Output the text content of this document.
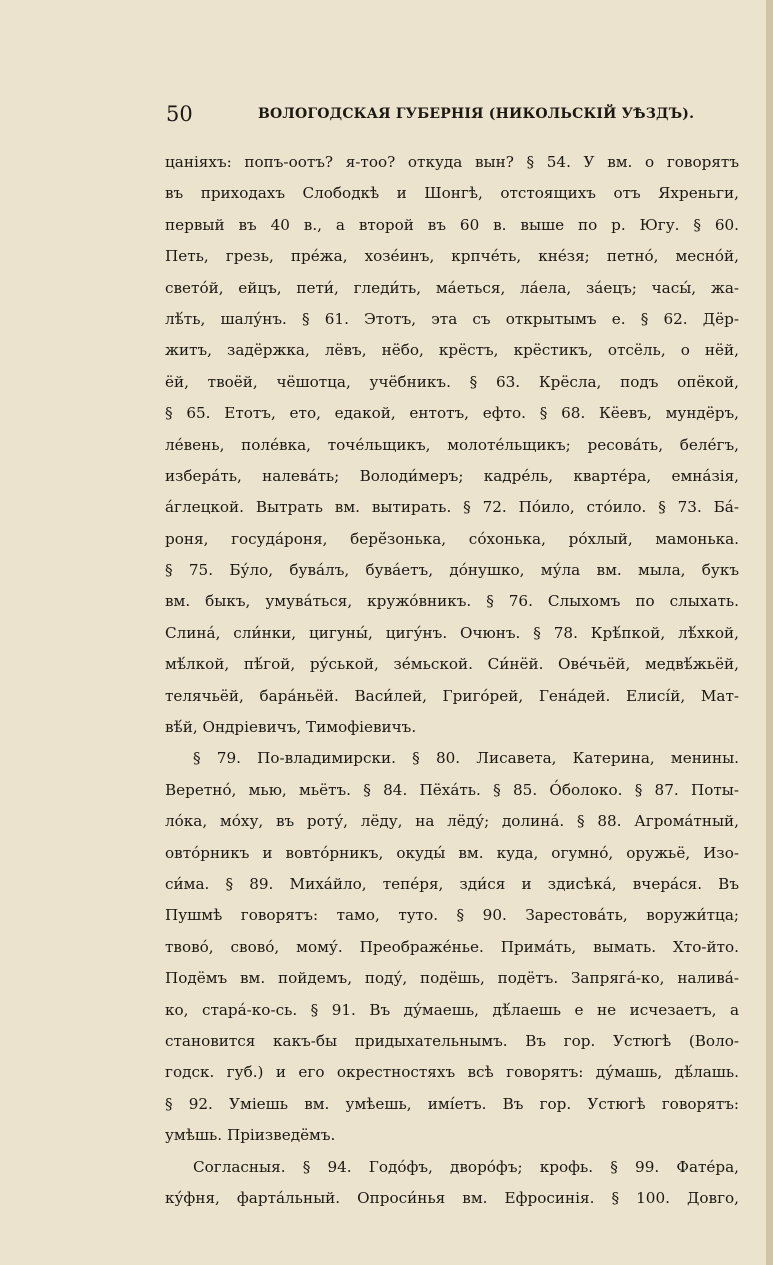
50	ВОЛОГОДСКАЯ ГУБЕРНІЯ (НИКОЛЬСКІЙ УѢЗДЪ).
цаніяхъ: попъ-оотъ? я-тоо? откуда вын? § 54. У вм. о говорятъ
въ приходахъ Слободкѣ и Шонгѣ, отстоящихъ отъ Яхреньги,
первый въ 40 в., а второй въ 60 в. выше по р. Югу. § 60.
Петь, грезь, пре́жа, хозе́инъ, крпче́ть, кне́зя; петно́, месно́й,
свето́й, ейцъ, пети́, гледи́ть, ма́еться, ла́ела, за́ецъ; часы́, жа-
лѣ́ть, шалу́нъ. § 61. Этотъ, эта съ открытымъ е. § 62. Дёр-
житъ, задёржка, лёвъ, нёбо, крёстъ, крёстикъ, отсёль, о нёй,
ёй, твоёй, чёшотца, учёбникъ. § 63. Крёсла, подъ опёкой,
§ 65. Етотъ, ето, едакой, ентотъ, ефто. § 68. Кёевъ, мундёръ,
ле́вень, поле́вка, точе́льщикъ, молоте́льщикъ; ресова́ть, беле́гъ,
избера́ть, налева́ть; Володи́меръ; кадре́ль, кварте́ра, емна́зія,
а́глецкой. Вытрать вм. вытирать. § 72. По́ило, сто́ило. § 73. Ба́-
роня, госуда́роня, берё́зонька, со́хонька, ро́хлый, мамонька.
§ 75. Бу́ло, бува́лъ, бува́етъ, до́нушко, му́ла вм. мыла, букъ
вм. быкъ, умува́ться, кружо́вникъ. § 76. Слыхомъ по слыхать.
Слина́, сли́нки, цигуны́, цигу́нъ. Очюнъ. § 78. Крѣ́пкой, лѣ́хкой,
мѣ́лкой, пѣ́гой, ру́ськой, зе́мьской. Си́нёй. Ове́чьёй, медвѣ́жьёй,
телячьёй, бара́ньёй. Васи́лей, Григо́рей, Гена́дей. Елисі́й, Мат-
вѣ́й, Ондріевичъ, Тимофіевичъ.
§ 79. По-владимирски. § 80. Лисавета, Катерина, менины.
Веретно́, мью, мьётъ. § 84. Пёха́ть. § 85. О́болоко. § 87. Поты-
ло́ка, мо́ху, въ роту́, лёду, на лёду́; долина́. § 88. Агрома́тный,
овто́рникъ и вовто́рникъ, окуды́ вм. куда, огумно́, оружьё, Изо-
си́ма. § 89. Миха́йло, тепе́ря, зди́ся и здисѣка́, вчера́ся. Въ
Пушмѣ говорятъ: тамо, туто. § 90. Зарестова́ть, воружи́тца;
твово́, свово́, мому́. Преображе́нье. Прима́ть, вымать. Хто-йто.
Подёмъ вм. пойдемъ, поду́, подёшь, подётъ. Запряга́-ко, налива́-
ко, стара́-ко-сь. § 91. Въ ду́маешь, дѣ́лаешь е не исчезаетъ, а
становится какъ-бы придыхательнымъ. Въ гор. Устюгѣ (Воло-
годск. губ.) и его окрестностяхъ всѣ говорятъ: ду́машь, дѣ́лашь.
§ 92. Уміешь вм. умѣешь, имі́етъ. Въ гор. Устюгѣ говорятъ:
умѣшь. Пріизведёмъ.
Согласныя. § 94. Годо́фъ, дворо́фъ; крофь. § 99. Фате́ра,
ку́фня, фарта́льный. Опроси́нья вм. Ефросинія. § 100. Довго,
